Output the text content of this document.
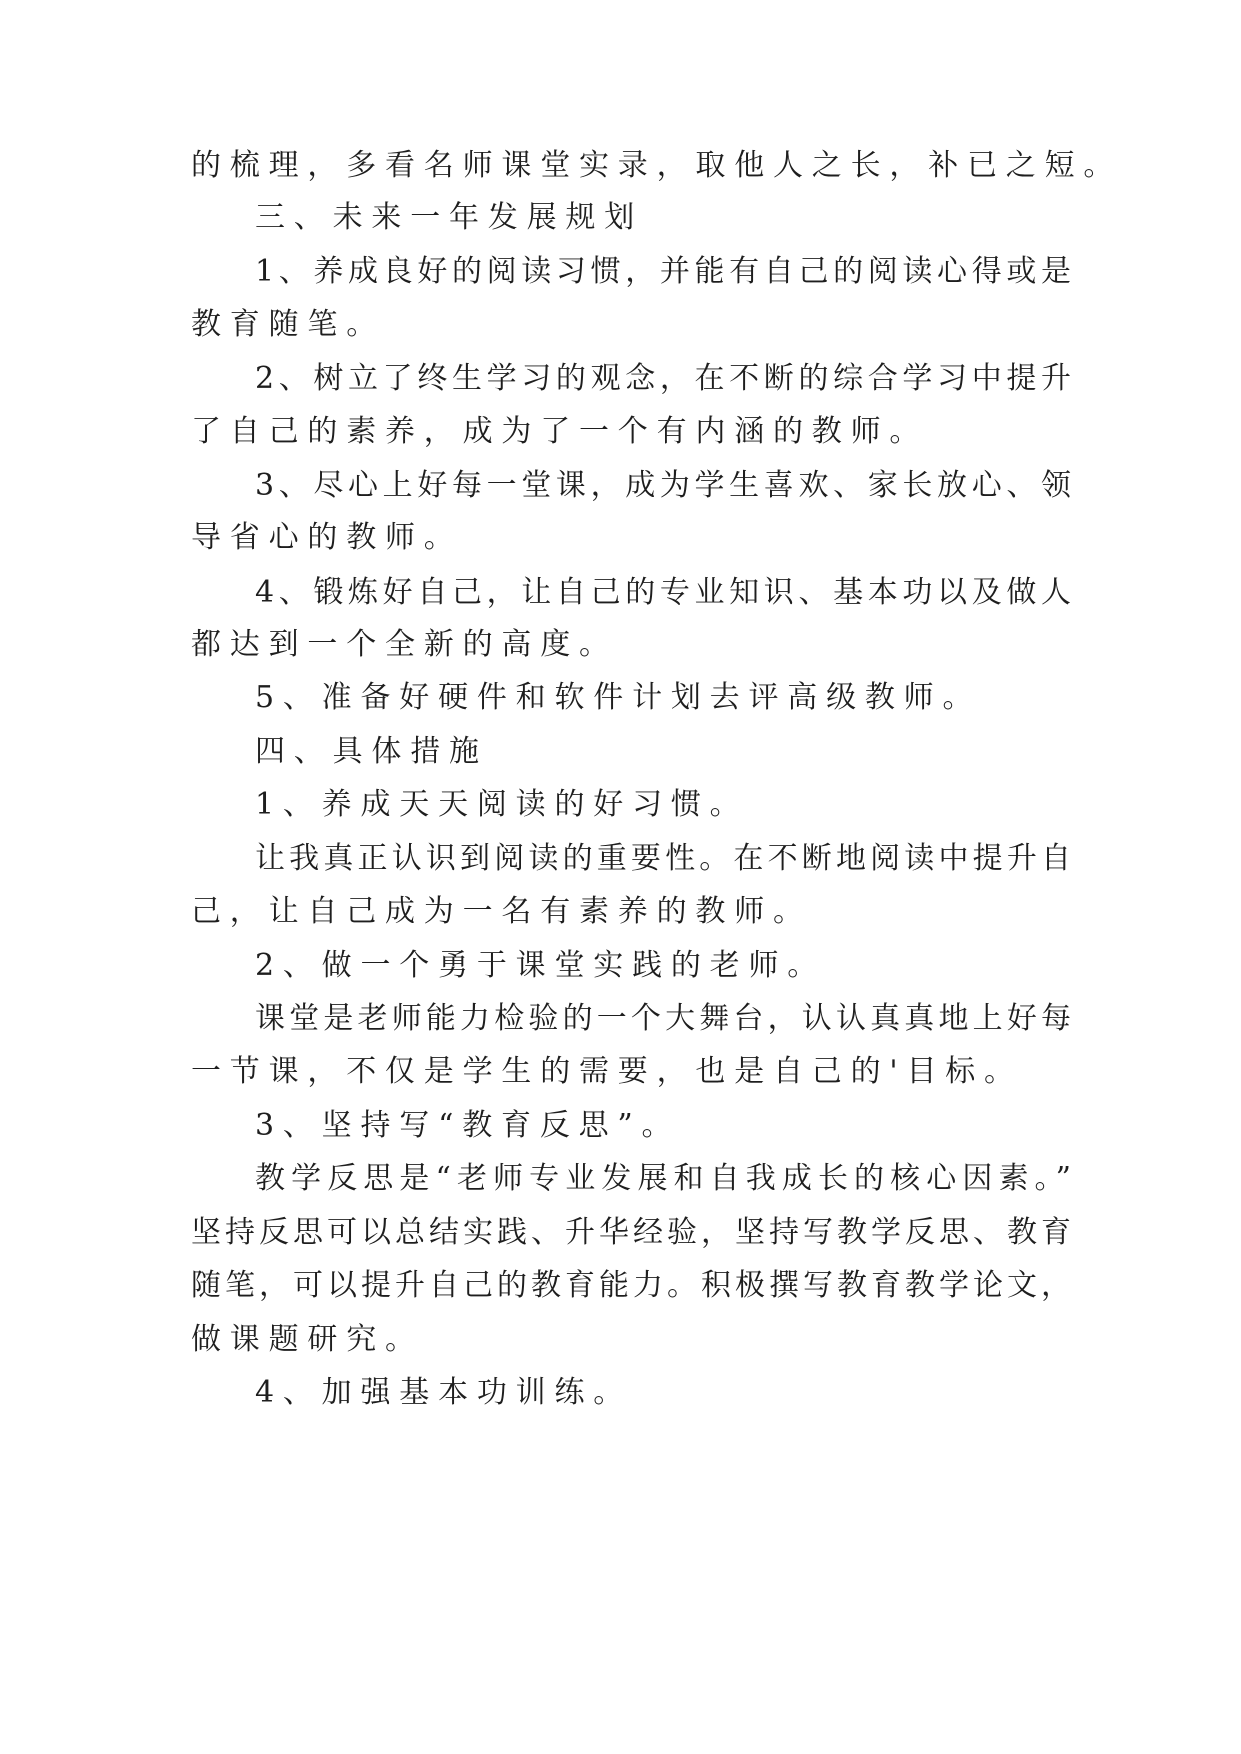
的梳理，多看名师课堂实录，取他人之长，补已之短。

三、未来一年发展规划

1、养成良好的阅读习惯，并能有自己的阅读心得或是

教育随笔。

2、树立了终生学习的观念，在不断的综合学习中提升

了自己的素养，成为了一个有内涵的教师。

3、尽心上好每一堂课，成为学生喜欢、家长放心、领

导省心的教师。

4、锻炼好自己，让自己的专业知识、基本功以及做人

都达到一个全新的高度。

5、准备好硬件和软件计划去评高级教师。

四、具体措施

1、养成天天阅读的好习惯。

让我真正认识到阅读的重要性。在不断地阅读中提升自

己，让自己成为一名有素养的教师。

2、做一个勇于课堂实践的老师。

课堂是老师能力检验的一个大舞台，认认真真地上好每

一节课，不仅是学生的需要，也是自己的'目标。

3、坚持写“教育反思”。

教学反思是“老师专业发展和自我成长的核心因素。”

坚持反思可以总结实践、升华经验，坚持写教学反思、教育

随笔，可以提升自己的教育能力。积极撰写教育教学论文，

做课题研究。

4、加强基本功训练。
